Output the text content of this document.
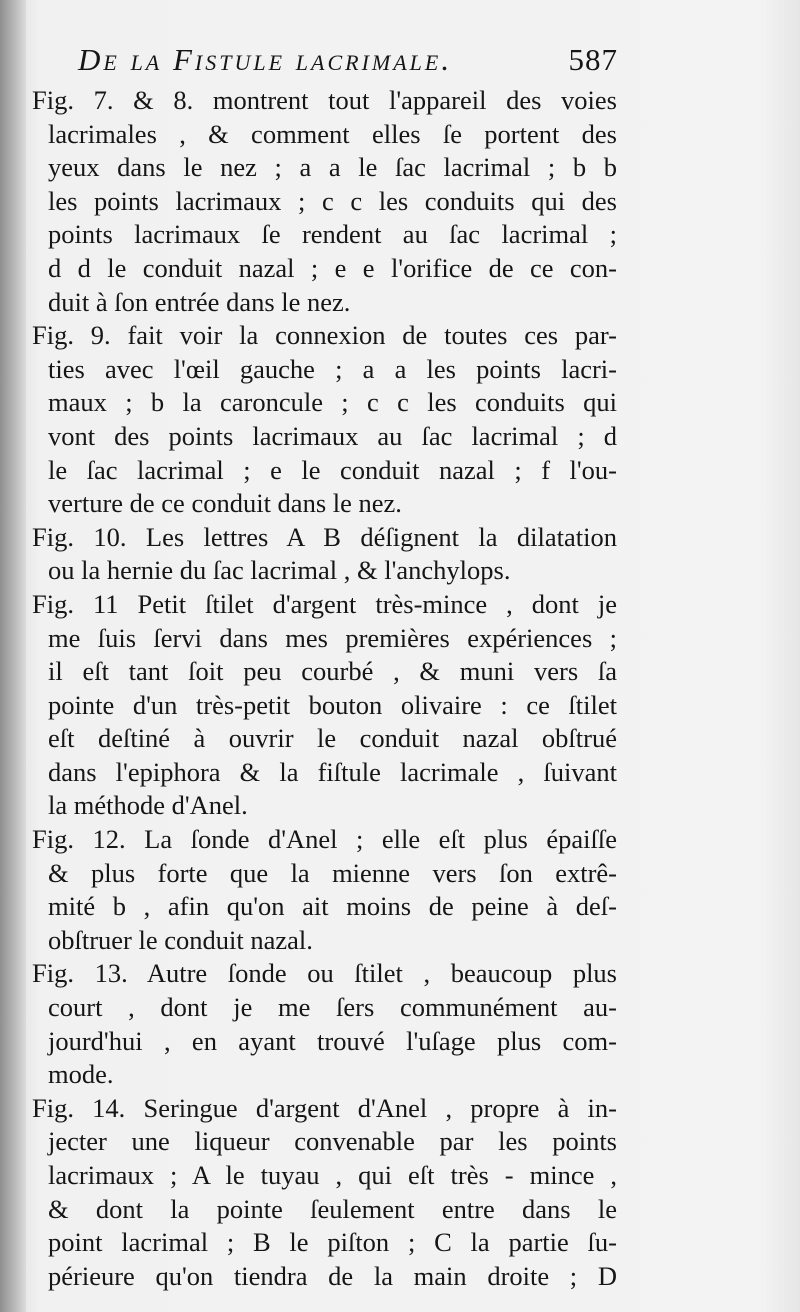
De la Fistule lacrimale.	587
Fig. 7. & 8. montrent tout l'appareil des voies
lacrimales , & comment elles ſe portent des
yeux dans le nez ; a a le ſac lacrimal ; b b
les points lacrimaux ; c c les conduits qui des
points lacrimaux ſe rendent au ſac lacrimal ;
d d le conduit nazal ; e e l'orifice de ce con-
duit à ſon entrée dans le nez.
Fig. 9. fait voir la connexion de toutes ces par-
ties avec l'œil gauche ; a a les points lacri-
maux ; b la caroncule ; c c les conduits qui
vont des points lacrimaux au ſac lacrimal ; d
le ſac lacrimal ; e le conduit nazal ; f l'ou-
verture de ce conduit dans le nez.
Fig. 10. Les lettres A B déſignent la dilatation
ou la hernie du ſac lacrimal , & l'anchylops.
Fig. 11 Petit ſtilet d'argent très-mince , dont je
me ſuis ſervi dans mes premières expériences ;
il eſt tant ſoit peu courbé , & muni vers ſa
pointe d'un très-petit bouton olivaire : ce ſtilet
eſt deſtiné à ouvrir le conduit nazal obſtrué
dans l'epiphora & la fiſtule lacrimale , ſuivant
la méthode d'Anel.
Fig. 12. La ſonde d'Anel ; elle eſt plus épaiſſe
& plus forte que la mienne vers ſon extrê-
mité b , afin qu'on ait moins de peine à deſ-
obſtruer le conduit nazal.
Fig. 13. Autre ſonde ou ſtilet , beaucoup plus
court , dont je me ſers communément au-
jourd'hui , en ayant trouvé l'uſage plus com-
mode.
Fig. 14. Seringue d'argent d'Anel , propre à in-
jecter une liqueur convenable par les points
lacrimaux ; A le tuyau , qui eſt très - mince ,
& dont la pointe ſeulement entre dans le
point lacrimal ; B le piſton ; C la partie ſu-
périeure qu'on tiendra de la main droite ; D
